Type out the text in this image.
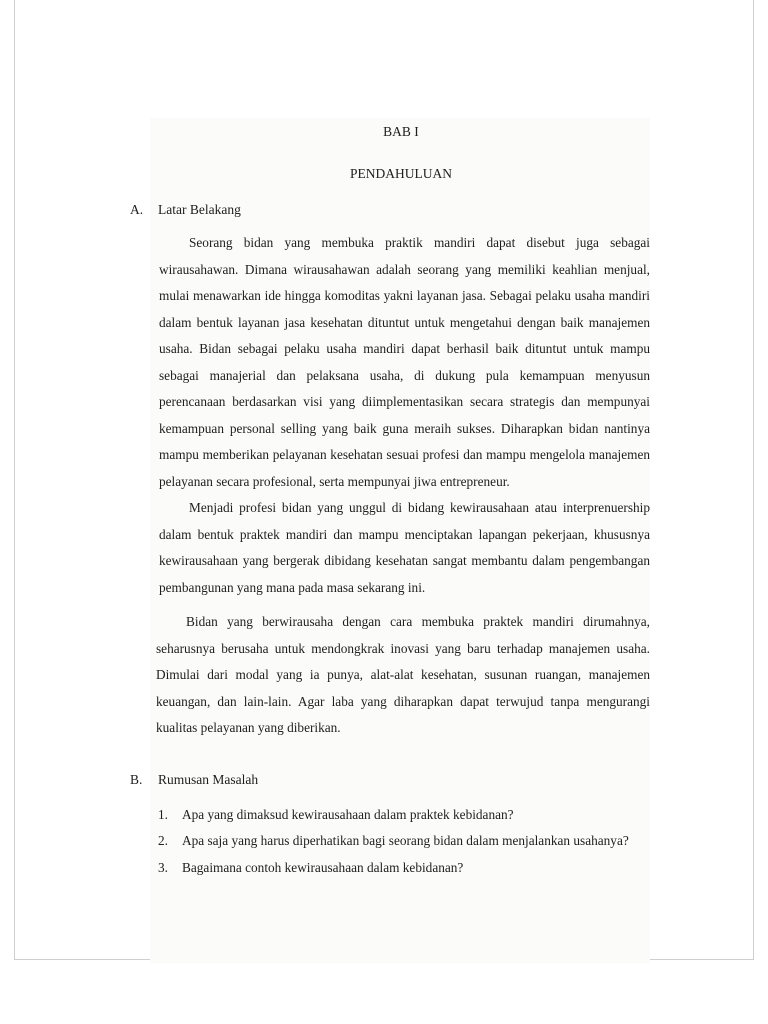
BAB I
PENDAHULUAN
A.	Latar Belakang

Seorang bidan yang membuka praktik mandiri dapat disebut juga sebagai wirausahawan. Dimana wirausahawan adalah seorang yang memiliki keahlian menjual, mulai menawarkan ide hingga komoditas yakni layanan jasa. Sebagai pelaku usaha mandiri dalam bentuk layanan jasa kesehatan dituntut untuk mengetahui dengan baik manajemen usaha. Bidan sebagai pelaku usaha mandiri dapat berhasil baik dituntut untuk mampu sebagai manajerial dan pelaksana usaha, di dukung pula kemampuan menyusun perencanaan berdasarkan visi yang diimplementasikan secara strategis dan mempunyai kemampuan personal selling yang baik guna meraih sukses. Diharapkan bidan nantinya mampu memberikan pelayanan kesehatan sesuai profesi dan mampu mengelola manajemen pelayanan secara profesional, serta mempunyai jiwa entrepreneur.

Menjadi profesi bidan yang unggul di bidang kewirausahaan atau interprenuership dalam bentuk praktek mandiri dan mampu menciptakan lapangan pekerjaan, khususnya kewirausahaan yang bergerak dibidang kesehatan sangat membantu dalam pengembangan pembangunan yang mana pada masa sekarang ini.

Bidan yang berwirausaha dengan cara membuka praktek mandiri dirumahnya, seharusnya berusaha untuk mendongkrak inovasi yang baru terhadap manajemen usaha. Dimulai dari modal yang ia punya, alat-alat kesehatan, susunan ruangan, manajemen keuangan, dan lain-lain. Agar laba yang diharapkan dapat terwujud tanpa mengurangi kualitas pelayanan yang diberikan.

B.	Rumusan Masalah
1.	Apa yang dimaksud kewirausahaan dalam praktek kebidanan?
2.	Apa saja yang harus diperhatikan bagi seorang bidan dalam menjalankan usahanya?
3.	Bagaimana contoh kewirausahaan dalam kebidanan?
